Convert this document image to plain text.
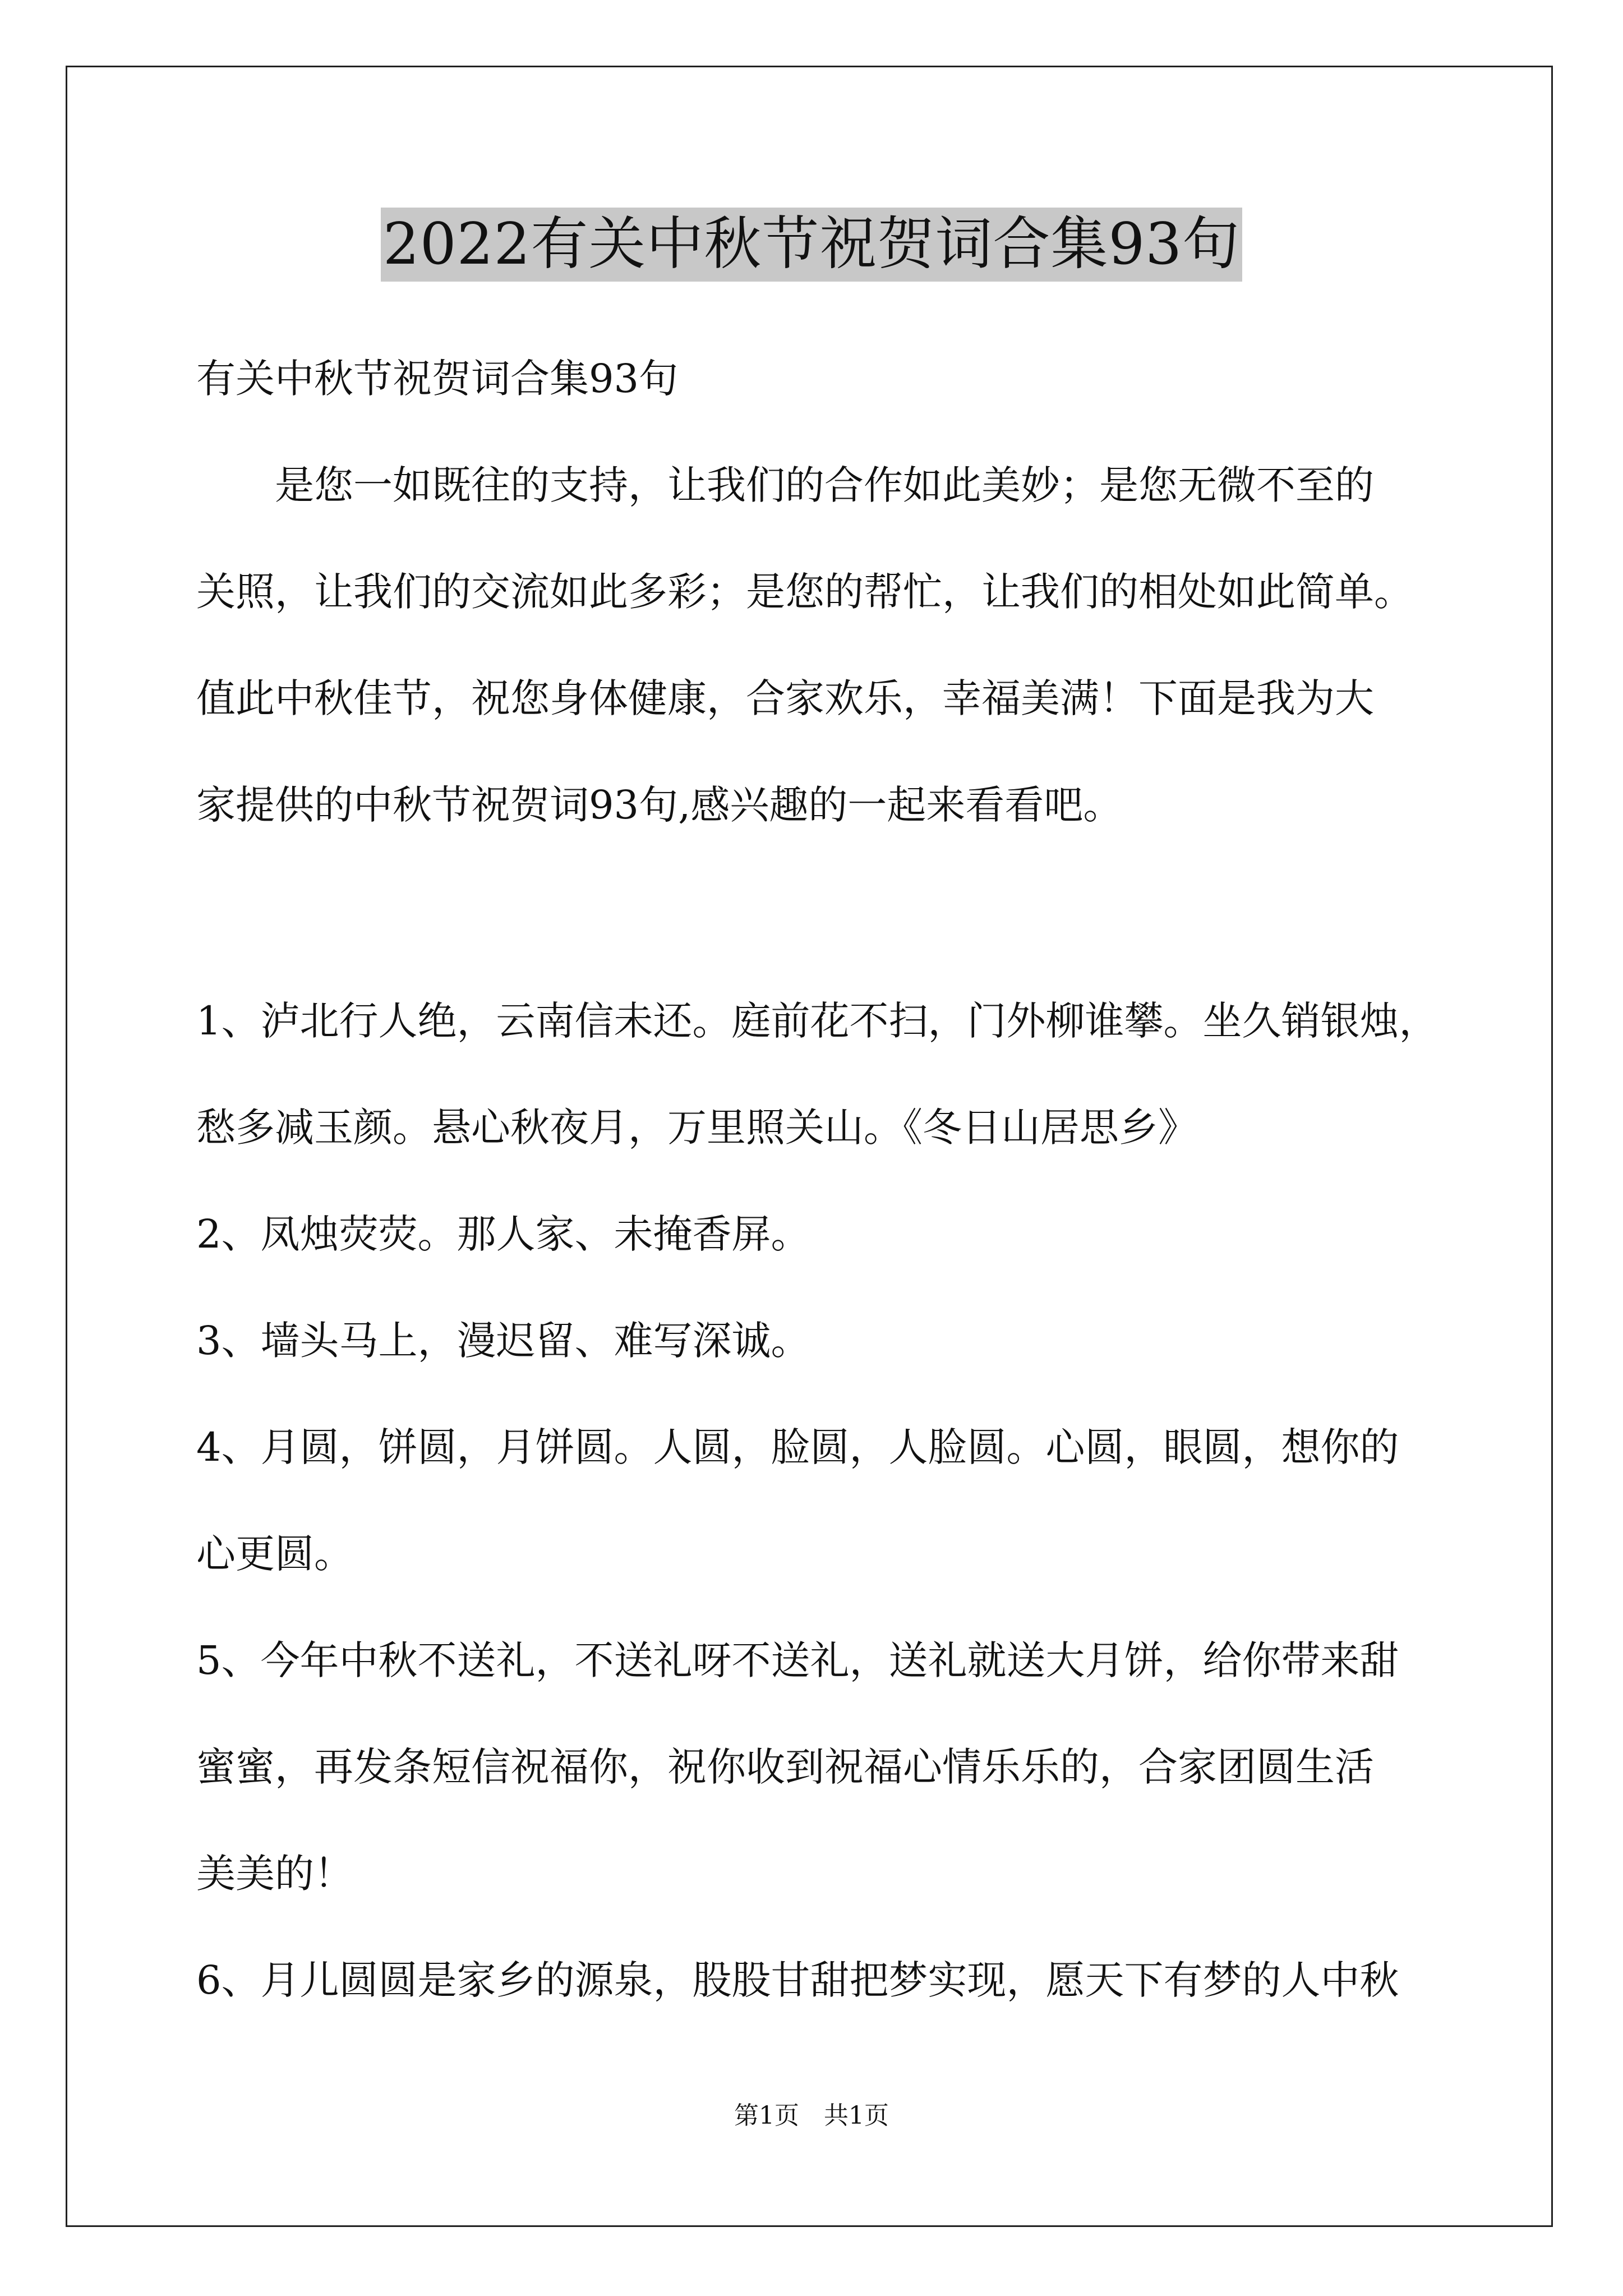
2022有关中秋节祝贺词合集93句
有关中秋节祝贺词合集93句
是您一如既往的支持，让我们的合作如此美妙；是您无微不至的
关照，让我们的交流如此多彩；是您的帮忙，让我们的相处如此简单。
值此中秋佳节，祝您身体健康，合家欢乐，幸福美满！下面是我为大
家提供的中秋节祝贺词93句,感兴趣的一起来看看吧。
1、泸北行人绝，云南信未还。庭前花不扫，门外柳谁攀。坐久销银烛，
愁多减玉颜。悬心秋夜月，万里照关山。《冬日山居思乡》
2、凤烛荧荧。那人家、未掩香屏。
3、墙头马上，漫迟留、难写深诚。
4、月圆，饼圆，月饼圆。人圆，脸圆，人脸圆。心圆，眼圆，想你的
心更圆。
5、今年中秋不送礼，不送礼呀不送礼，送礼就送大月饼，给你带来甜
蜜蜜，再发条短信祝福你，祝你收到祝福心情乐乐的，合家团圆生活
美美的！
6、月儿圆圆是家乡的源泉，股股甘甜把梦实现，愿天下有梦的人中秋
第1页　共1页
